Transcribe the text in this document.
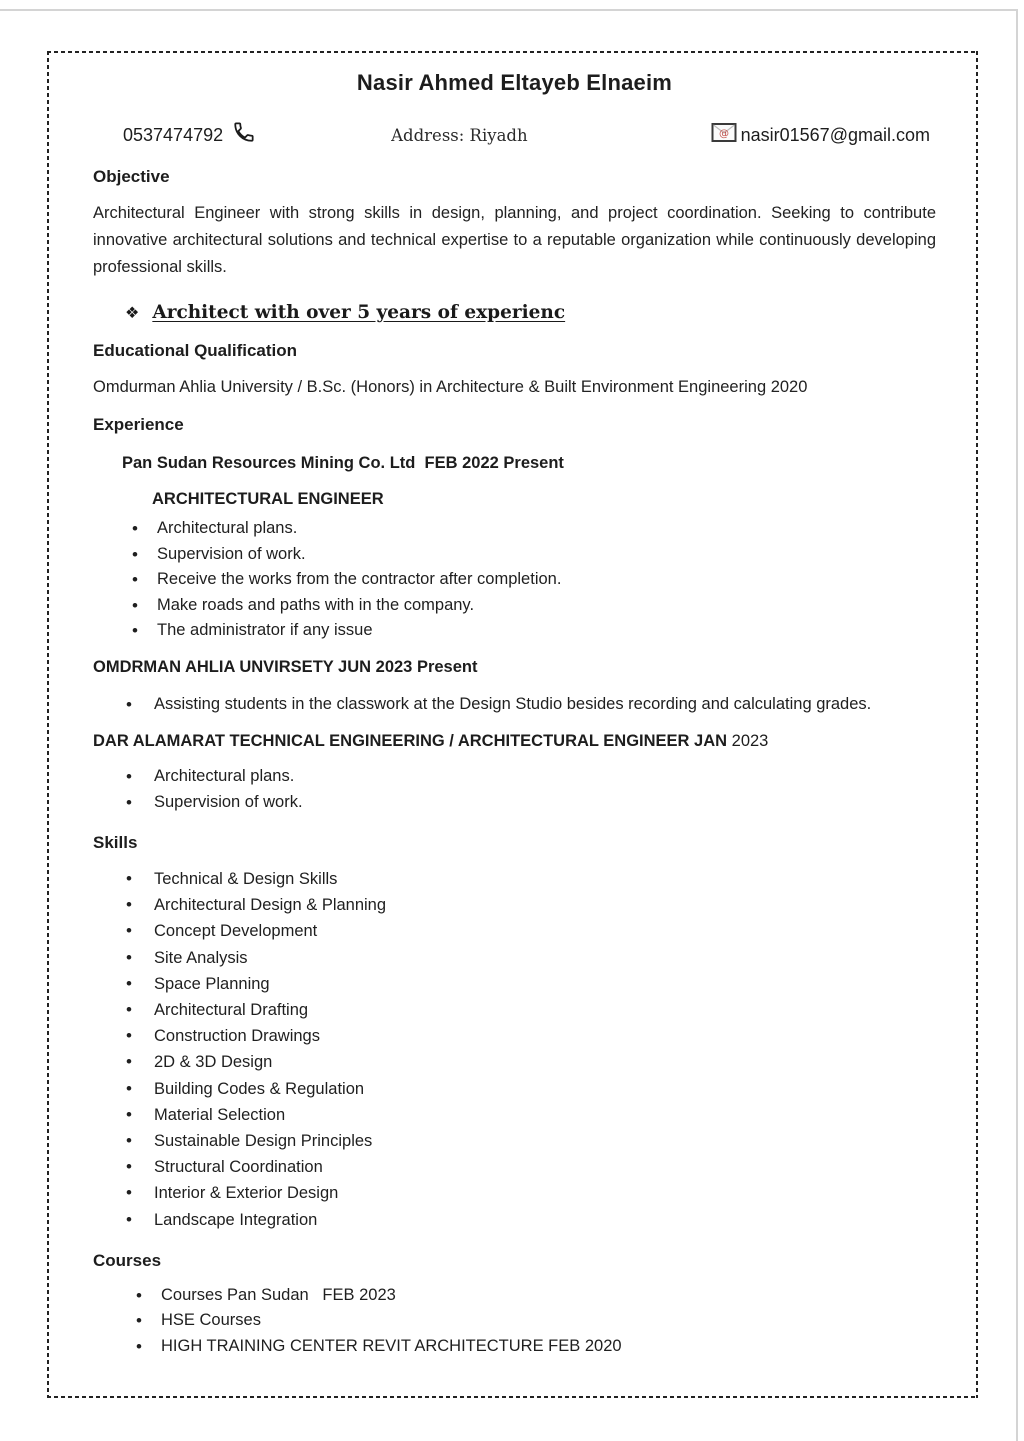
Nasir Ahmed Eltayeb Elnaeim
0537474792	Address: Riyadh	@ nasir01567@gmail.com
Objective
Architectural Engineer with strong skills in design, planning, and project coordination. Seeking to contribute innovative architectural solutions and technical expertise to a reputable organization while continuously developing professional skills.
❖ Architect with over 5 years of experienc
Educational Qualification
Omdurman Ahlia University / B.Sc. (Honors) in Architecture & Built Environment Engineering 2020
Experience
Pan Sudan Resources Mining Co. Ltd  FEB 2022 Present
ARCHITECTURAL ENGINEER
• Architectural plans.
• Supervision of work.
• Receive the works from the contractor after completion.
• Make roads and paths with in the company.
• The administrator if any issue
OMDRMAN AHLIA UNVIRSETY JUN 2023 Present
• Assisting students in the classwork at the Design Studio besides recording and calculating grades.
DAR ALAMARAT TECHNICAL ENGINEERING / ARCHITECTURAL ENGINEER JAN 2023
• Architectural plans.
• Supervision of work.
Skills
• Technical & Design Skills
• Architectural Design & Planning
• Concept Development
• Site Analysis
• Space Planning
• Architectural Drafting
• Construction Drawings
• 2D & 3D Design
• Building Codes & Regulation
• Material Selection
• Sustainable Design Principles
• Structural Coordination
• Interior & Exterior Design
• Landscape Integration
Courses
• Courses Pan Sudan   FEB 2023
• HSE Courses
• HIGH TRAINING CENTER REVIT ARCHITECTURE FEB 2020
